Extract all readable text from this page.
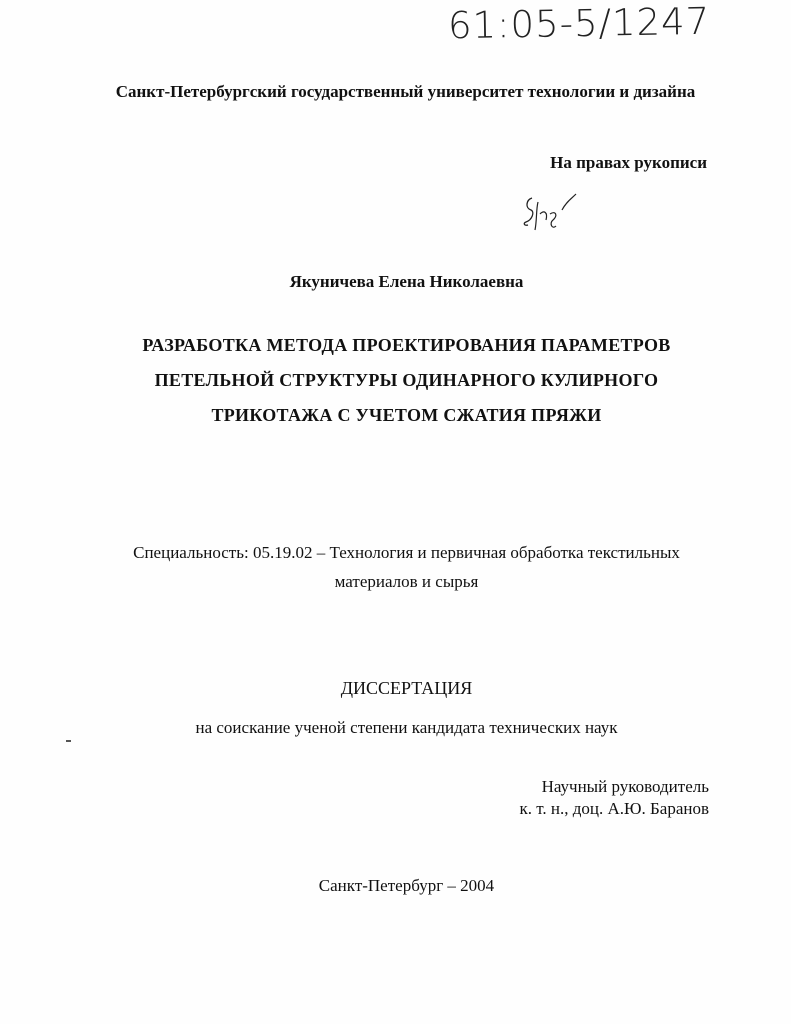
61:05-5/1247
Санкт-Петербургский государственный университет технологии и дизайна
На правах рукописи
Якуничева Елена Николаевна
РАЗРАБОТКА МЕТОДА ПРОЕКТИРОВАНИЯ ПАРАМЕТРОВ
ПЕТЕЛЬНОЙ СТРУКТУРЫ ОДИНАРНОГО КУЛИРНОГО
ТРИКОТАЖА С УЧЕТОМ СЖАТИЯ ПРЯЖИ
Специальность: 05.19.02 – Технология и первичная обработка текстильных
материалов и сырья
ДИССЕРТАЦИЯ
на соискание ученой степени кандидата технических наук
Научный руководитель
к. т. н., доц. А.Ю. Баранов
Санкт-Петербург – 2004
